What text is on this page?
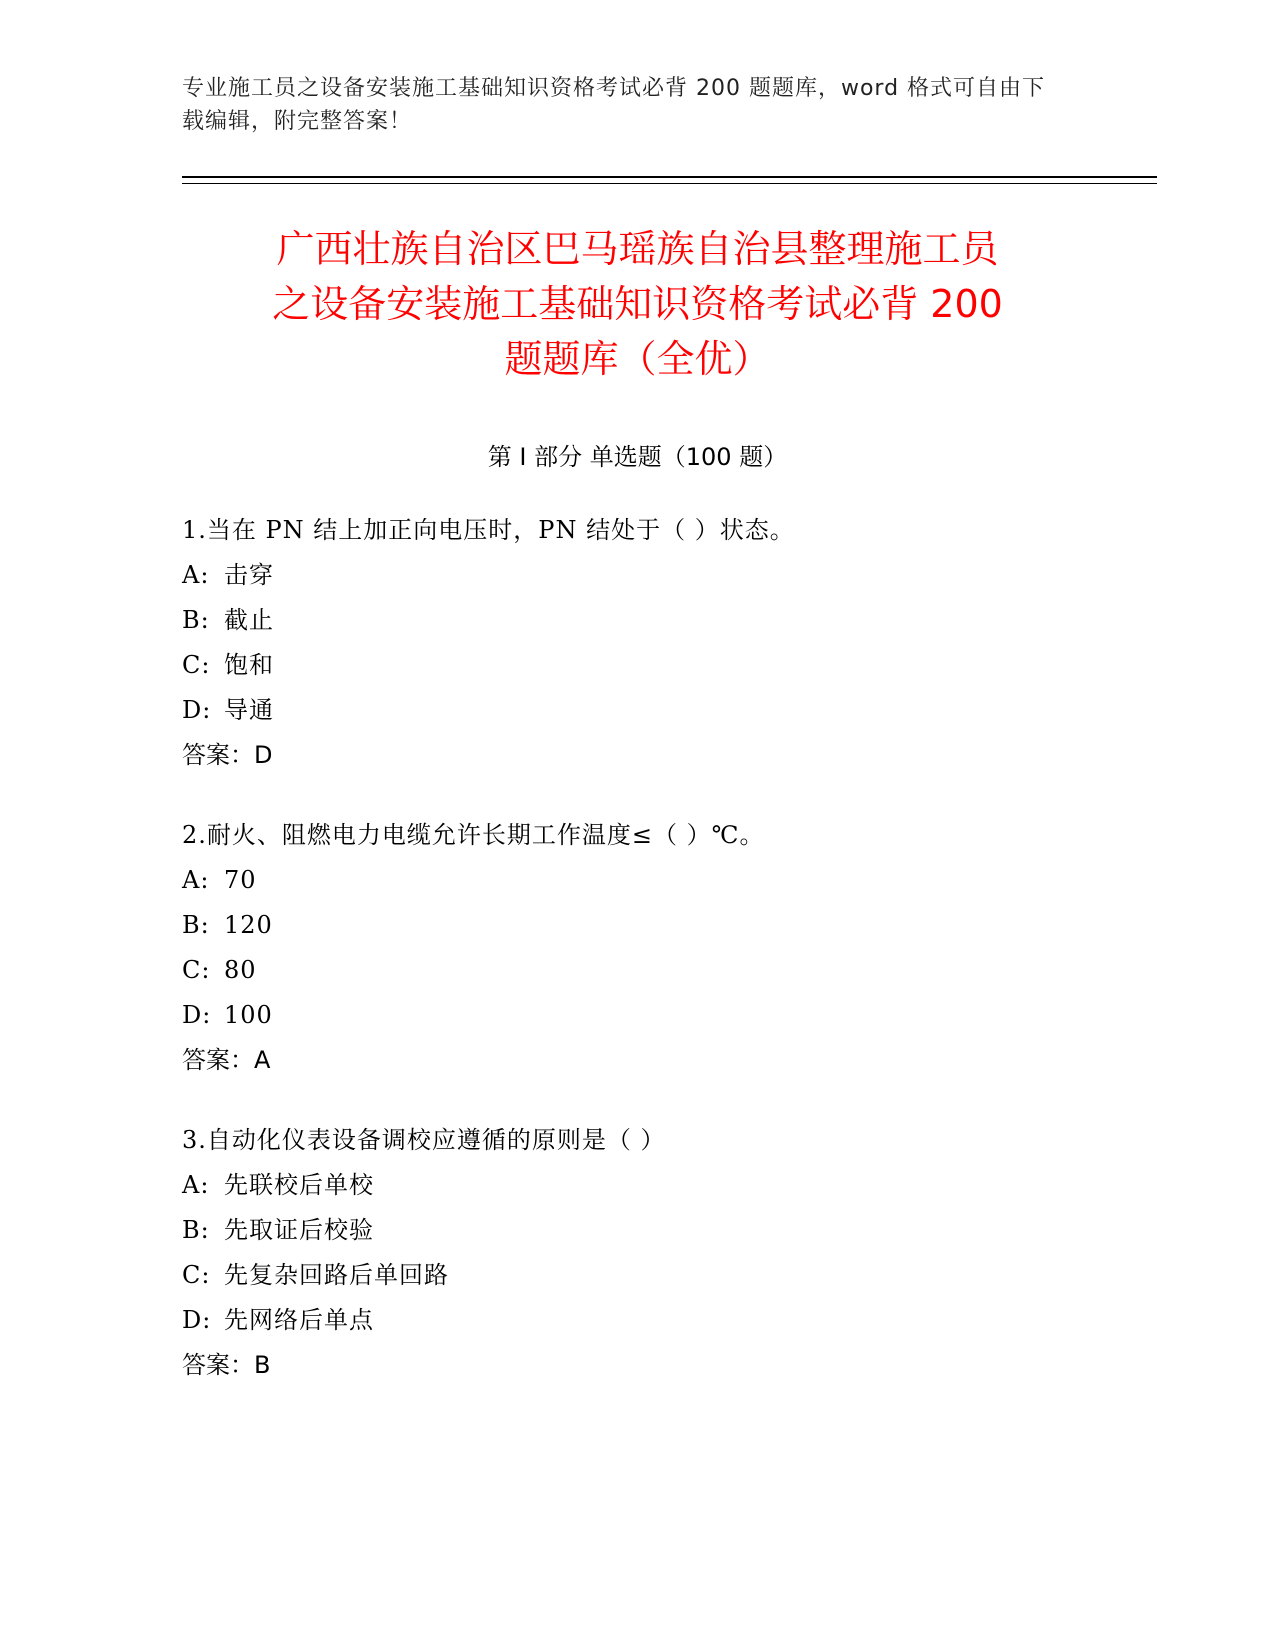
专业施工员之设备安装施工基础知识资格考试必背 200 题题库，word 格式可自由下载编辑，附完整答案！
广西壮族自治区巴马瑶族自治县整理施工员
之设备安装施工基础知识资格考试必背 200
题题库（全优）
第 I 部分 单选题（100 题）
1.当在 PN 结上加正向电压时，PN 结处于（ ）状态。
A: 击穿
B: 截止
C: 饱和
D: 导通
答案：D
2.耐火、阻燃电力电缆允许长期工作温度≤（ ）℃。
A: 70
B: 120
C: 80
D: 100
答案：A
3.自动化仪表设备调校应遵循的原则是（ ）
A: 先联校后单校
B: 先取证后校验
C: 先复杂回路后单回路
D: 先网络后单点
答案：B
